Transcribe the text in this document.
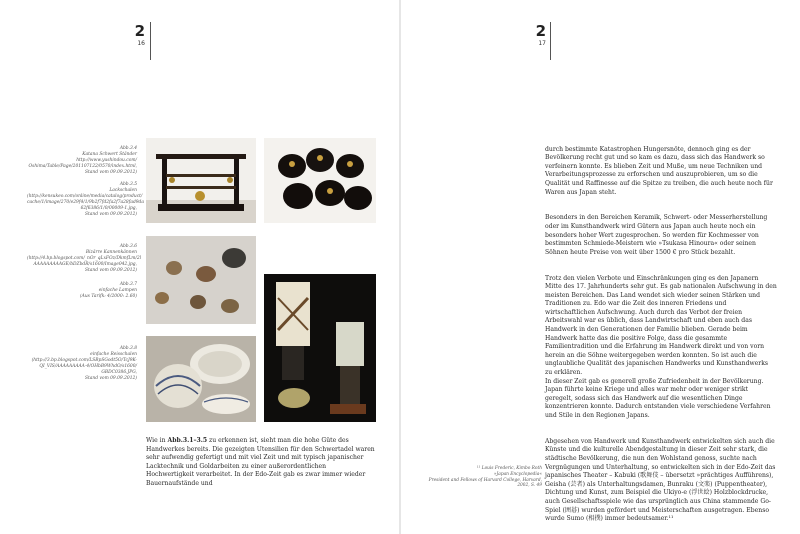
2
16
Abb.3.4
Katana Schwert Ständer
http://www.yushindou.com/
Oshima/Table/Page/201107122/0570/index.html,
Stand vom 09.09.2012)
Abb.3.5
Lackschalen
(http://kensukeo.com/online/media/catalog/product/
cache/1/image/270/e29f4/1/9b2f7fd2fa2f7a28fad9da
62f6386/1/0/00009-1.jpg,
Stand vom 09.09.2012)
Abb.3.6
Bizärre Kannenkännen
(http://4.bp.blogspot.com/_nOr_qLxFOz/DkmfLm/2l
AAAAAAAAAGE/bDZbdR/s1600/Image042.jpg,
Stand vom 09.09.2012)
Abb.3.7
einfache Lampen
(Aus Tarifk: 4/2000: 2.60)
Abb.3.8
einfache Reisschalen
(http://3.bp.blogspot.com/LSBpSGodt5O/TcJ9K-
QI_VIS/AAAAAAAAA-4/OHbB9WhdO/s1600/
GBDC0386.JPG,
Stand vom 09.09.2012)

Wie in Abb.3.1–3.5 zu erkennen ist, sieht man die hohe Güte des Handwerkes bereits. Die gezeigten Utensilien für den Schwertadel waren sehr aufwendig gefertigt und mit viel Zeit und mit typisch japanischer Lacktechnik und Goldarbeiten zu einer außerordentlichen Hochwertigkeit verarbeitet. In der Edo-Zeit gab es zwar immer wieder Bauernaufstände und

2
17
¹¹ Louis Frederic, Kimbo Roth
»Japan Encyclopedia«
President and Fellows of Harvard College, Harvard,
2002, S. 49

durch bestimmte Katastrophen Hungersnöte, dennoch ging es der Bevölkerung recht gut und so kam es dazu, dass sich das Handwerk so verfeinern konnte. Es blieben Zeit und Muße, um neue Techniken und Verarbeitungsprozesse zu erforschen und auszuprobieren, um so die Qualität und Raffinesse auf die Spitze zu treiben, die auch heute noch für Waren aus Japan steht.

Besonders in den Bereichen Keramik, Schwert- oder Messerherstellung oder im Kunsthandwerk wird Gütern aus Japan auch heute noch ein besonders hoher Wert zugesprochen. So werden für Kochmesser von bestimmten Schmiede-Meistern wie »Tsukasa Hinoura« oder seinen Söhnen heute Preise von weit über 1500 € pro Stück bezahlt.

Trotz den vielen Verbote und Einschränkungen ging es den Japanern Mitte des 17. Jahrhunderts sehr gut. Es gab nationalen Aufschwung in den meisten Bereichen. Das Land wendet sich wieder seinen Stärken und Traditionen zu. Edo war die Zeit des inneren Friedens und wirtschaftlichen Aufschwung. Auch durch das Verbot der freien Arbeitswahl war es üblich, dass Landwirtschaft und eben auch das Handwerk in den Generationen der Familie blieben. Gerade beim Handwerk hatte das die positive Folge, dass die gesammte Familientradition und die Erfahrung im Handwerk direkt und von vorn herein an die Söhne weitergegeben werden konnten. So ist auch die unglaubliche Qualität des japanischen Handwerks und Kunsthandwerks zu erklären.
In dieser Zeit gab es generell große Zufriedenheit in der Bevölkerung. Japan führte keine Kriege und alles war mehr oder weniger strikt geregelt, sodass sich das Handwerk auf die wesentlichen Dinge konzentrieren konnte. Dadurch entstanden viele verschiedene Verfahren und Stile in den Regionen Japans.

Abgesehen von Handwerk und Kunsthandwerk entwickelten sich auch die Künste und die kulturelle Abendgestaltung in dieser Zeit sehr stark, die städtische Bevölkerung, die nun den Wohlstand genoss, suchte nach Vergnügungen und Unterhaltung, so entwickelten sich in der Edo-Zeit das japanisches Theater – Kabuki (歌舞伎 – übersetzt »prächtiges Aufführens), Geisha (芸者) als Unterhaltungsdamen, Bunraku (文楽) (Puppentheater), Dichtung und Kunst, zum Beispiel die Ukiyo-e (浮世絵) Holzblockdrucke, auch Gesellschaftsspiele wie das ursprünglich aus China stammende Go-Spiel (囲碁) wurden gefördert und Meisterschaften ausgetragen. Ebenso wurde Sumo (相撲) immer bedeutsamer.¹¹
